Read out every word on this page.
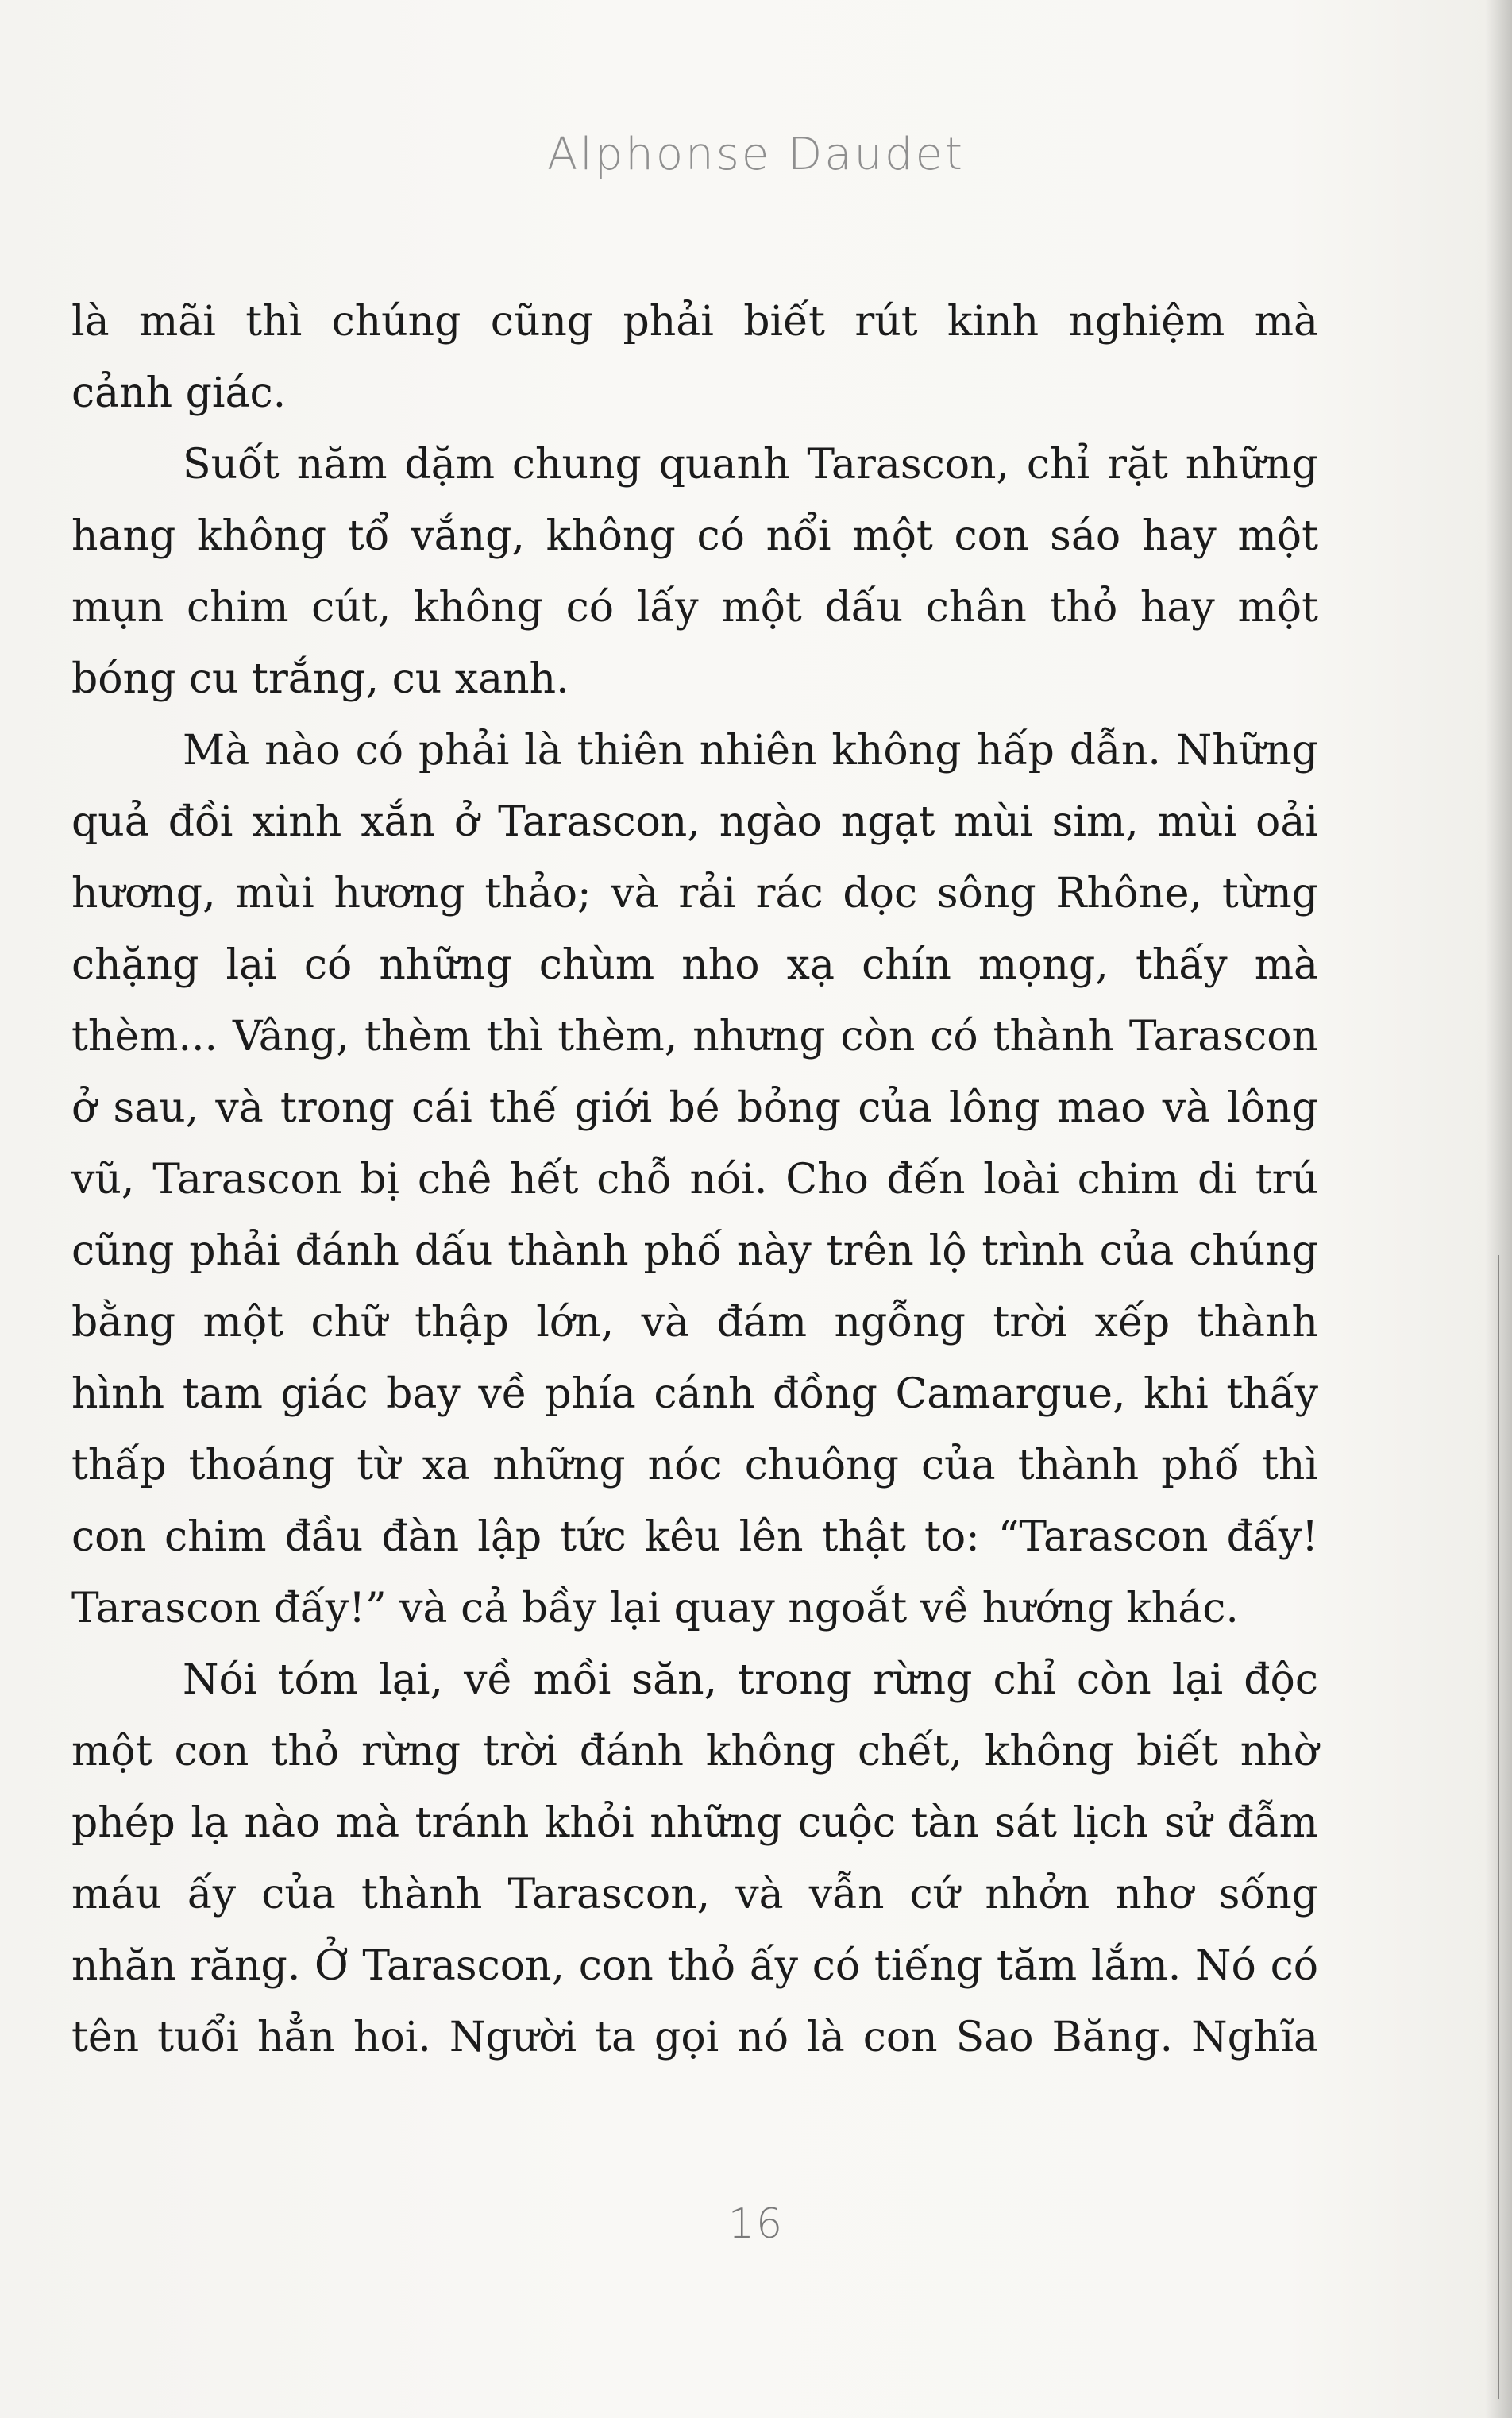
Alphonse Daudet

là mãi thì chúng cũng phải biết rút kinh nghiệm mà
cảnh giác.

Suốt năm dặm chung quanh Tarascon, chỉ rặt những
hang không tổ vắng, không có nổi một con sáo hay một
mụn chim cút, không có lấy một dấu chân thỏ hay một
bóng cu trắng, cu xanh.

Mà nào có phải là thiên nhiên không hấp dẫn. Những
quả đồi xinh xắn ở Tarascon, ngào ngạt mùi sim, mùi oải
hương, mùi hương thảo; và rải rác dọc sông Rhône, từng
chặng lại có những chùm nho xạ chín mọng, thấy mà
thèm... Vâng, thèm thì thèm, nhưng còn có thành Tarascon
ở sau, và trong cái thế giới bé bỏng của lông mao và lông
vũ, Tarascon bị chê hết chỗ nói. Cho đến loài chim di trú
cũng phải đánh dấu thành phố này trên lộ trình của chúng
bằng một chữ thập lớn, và đám ngỗng trời xếp thành
hình tam giác bay về phía cánh đồng Camargue, khi thấy
thấp thoáng từ xa những nóc chuông của thành phố thì
con chim đầu đàn lập tức kêu lên thật to: “Tarascon đấy!
Tarascon đấy!” và cả bầy lại quay ngoắt về hướng khác.

Nói tóm lại, về mồi săn, trong rừng chỉ còn lại độc
một con thỏ rừng trời đánh không chết, không biết nhờ
phép lạ nào mà tránh khỏi những cuộc tàn sát lịch sử đẫm
máu ấy của thành Tarascon, và vẫn cứ nhởn nhơ sống
nhăn răng. Ở Tarascon, con thỏ ấy có tiếng tăm lắm. Nó có
tên tuổi hẳn hoi. Người ta gọi nó là con Sao Băng. Nghĩa

16
